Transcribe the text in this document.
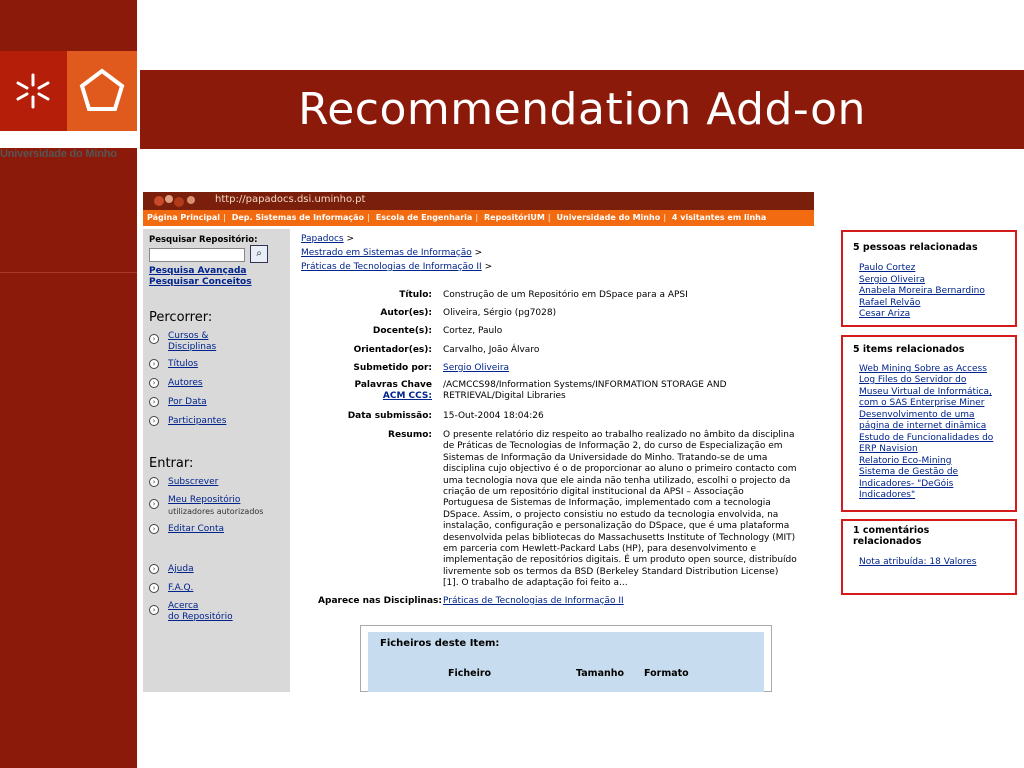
Universidade do Minho
Recommendation Add-on
http://papadocs.dsi.uminho.pt
Página Principal | Dep. Sistemas de Informação | Escola de Engenharia | RepositóriUM | Universidade do Minho | 4 visitantes em linha
Pesquisar Repositório:
⌕
Pesquisa Avançada
Pesquisar Conceitos
Percorrer:
›	Cursos &
Disciplinas
›	Títulos
›	Autores
›	Por Data
›	Participantes
Entrar:
›	Subscrever
›	Meu Repositório
utilizadores autorizados
›	Editar Conta
›	Ajuda
›	F.A.Q.
›	Acerca
do Repositório
Papadocs >
Mestrado em Sistemas de Informação >
Práticas de Tecnologias de Informação II >
Título: Construção de um Repositório em DSpace para a APSI
Autor(es): Oliveira, Sérgio (pg7028)
Docente(s): Cortez, Paulo
Orientador(es): Carvalho, João Álvaro
Submetido por: Sergio Oliveira
Palavras Chave
ACM CCS:
/ACMCCS98/Information Systems/INFORMATION STORAGE AND
RETRIEVAL/Digital Libraries
Data submissão: 15-Out-2004 18:04:26
Resumo: O presente relatório diz respeito ao trabalho realizado no âmbito da disciplina
de Práticas de Tecnologias de Informação 2, do curso de Especialização em
Sistemas de Informação da Universidade do Minho. Tratando-se de uma
disciplina cujo objectivo é o de proporcionar ao aluno o primeiro contacto com
uma tecnologia nova que ele ainda não tenha utilizado, escolhi o projecto da
criação de um repositório digital institucional da APSI – Associação
Portuguesa de Sistemas de Informação, implementado com a tecnologia
DSpace. Assim, o projecto consistiu no estudo da tecnologia envolvida, na
instalação, configuração e personalização do DSpace, que é uma plataforma
desenvolvida pelas bibliotecas do Massachusetts Institute of Technology (MIT)
em parceria com Hewlett-Packard Labs (HP), para desenvolvimento e
implementação de repositórios digitais. É um produto open source, distribuído
livremente sob os termos da BSD (Berkeley Standard Distribution License)
[1]. O trabalho de adaptação foi feito a...
Aparece nas Disciplinas: Práticas de Tecnologias de Informação II
Ficheiros deste Item:
Ficheiro	Tamanho Formato
5 pessoas relacionadas
Paulo Cortez
Sergio Oliveira
Anabela Moreira Bernardino
Rafael Relvão
Cesar Ariza
5 items relacionados
Web Mining Sobre as Access
Log Files do Servidor do
Museu Virtual de Informática,
com o SAS Enterprise Miner
Desenvolvimento de uma
página de internet dinâmica
Estudo de Funcionalidades do
ERP Navision
Relatorio Eco-Mining
Sistema de Gestão de
Indicadores- "DeGóis
Indicadores"
1 comentários
relacionados
Nota atribuída: 18 Valores
